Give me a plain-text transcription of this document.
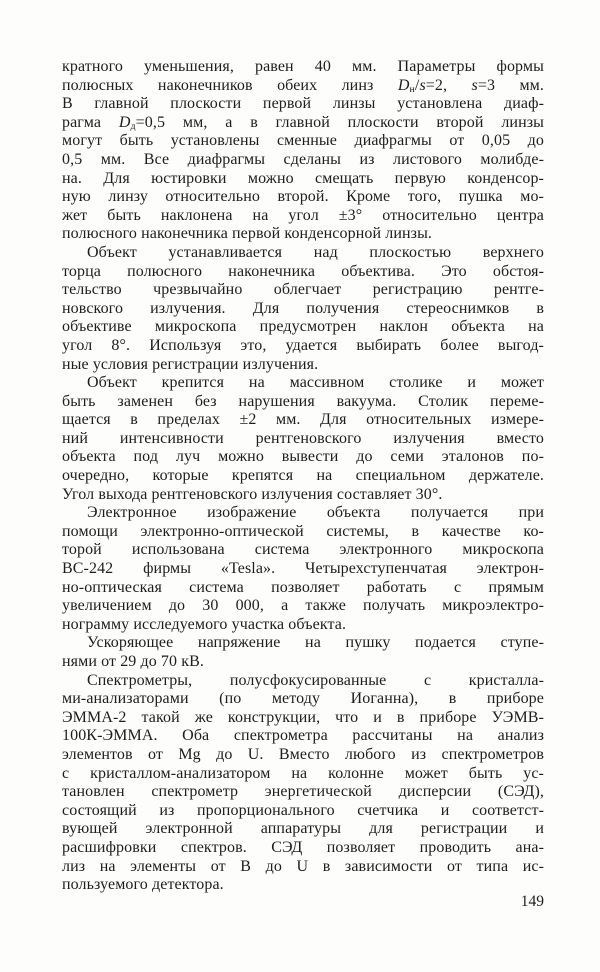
кратного уменьшения, равен 40 мм. Параметры формы
полюсных наконечников обеих линз $D_н/s=2$, s=3 мм.
В главной плоскости первой линзы установлена диаф-
рагма $D_д=0,5$ мм, а в главной плоскости второй линзы
могут быть установлены сменные диафрагмы от 0,05 до
0,5 мм. Все диафрагмы сделаны из листового молибде-
на. Для юстировки можно смещать первую конденсор-
ную линзу относительно второй. Кроме того, пушка мо-
жет быть наклонена на угол ±3° относительно центра
полюсного наконечника первой конденсорной линзы.
Объект устанавливается над плоскостью верхнего
торца полюсного наконечника объектива. Это обстоя-
тельство чрезвычайно облегчает регистрацию рентге-
новского излучения. Для получения стереоснимков в
объективе микроскопа предусмотрен наклон объекта на
угол 8°. Используя это, удается выбирать более выгод-
ные условия регистрации излучения.
Объект крепится на массивном столике и может
быть заменен без нарушения вакуума. Столик переме-
щается в пределах ±2 мм. Для относительных измере-
ний интенсивности рентгеновского излучения вместо
объекта под луч можно вывести до семи эталонов по-
очередно, которые крепятся на специальном держателе.
Угол выхода рентгеновского излучения составляет 30°.
Электронное изображение объекта получается при
помощи электронно-оптической системы, в качестве ко-
торой использована система электронного микроскопа
ВС-242 фирмы «Tesla». Четырехступенчатая электрон-
но-оптическая система позволяет работать с прямым
увеличением до 30 000, а также получать микроэлектро-
нограмму исследуемого участка объекта.
Ускоряющее напряжение на пушку подается ступе-
нями от 29 до 70 кВ.
Спектрометры, полусфокусированные с кристалла-
ми-анализаторами (по методу Иоганна), в приборе
ЭММА-2 такой же конструкции, что и в приборе УЭМВ-
100К-ЭММА. Оба спектрометра рассчитаны на анализ
элементов от Mg до U. Вместо любого из спектрометров
с кристаллом-анализатором на колонне может быть ус-
тановлен спектрометр энергетической дисперсии (СЭД),
состоящий из пропорционального счетчика и соответст-
вующей электронной аппаратуры для регистрации и
расшифровки спектров. СЭД позволяет проводить ана-
лиз на элементы от B до U в зависимости от типа ис-
пользуемого детектора.
149
